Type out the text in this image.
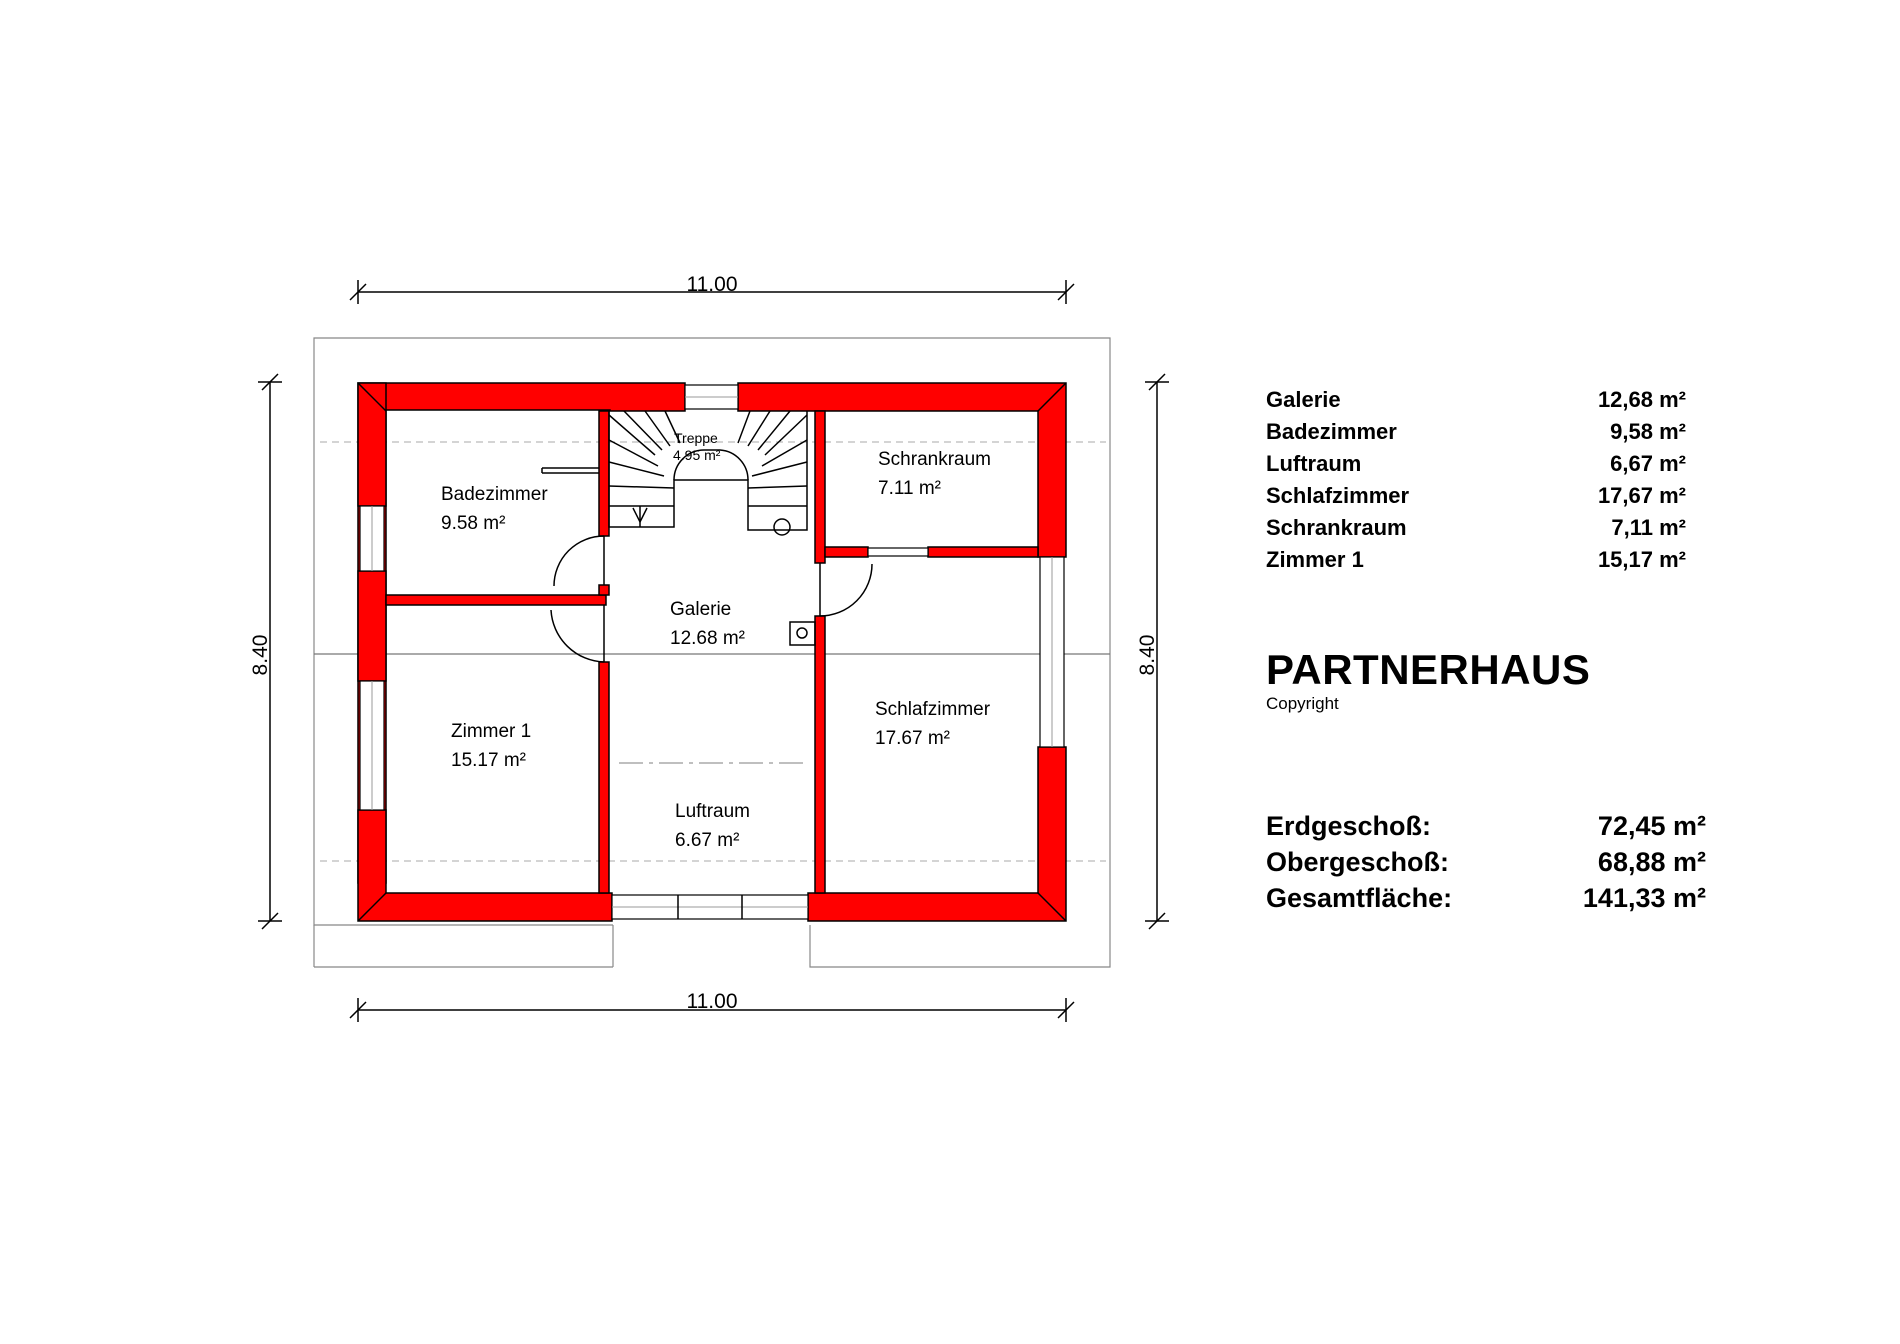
11.00
11.00
8.40	8.40
Badezimmer
9.58 m²
Schrankraum
7.11 m²
Galerie
12.68 m²
Schlafzimmer
17.67 m²
Zimmer 1
15.17 m²
Luftraum
6.67 m²
Treppe
4.95 m²
Galerie	12,68 m²
Badezimmer	9,58 m²
Luftraum	6,67 m²
Schlafzimmer	17,67 m²
Schrankraum	7,11 m²
Zimmer 1	15,17 m²
PARTNERHAUS
Copyright
Erdgeschoß:	72,45 m²
Obergeschoß:	68,88 m²
Gesamtfläche:	141,33 m²
